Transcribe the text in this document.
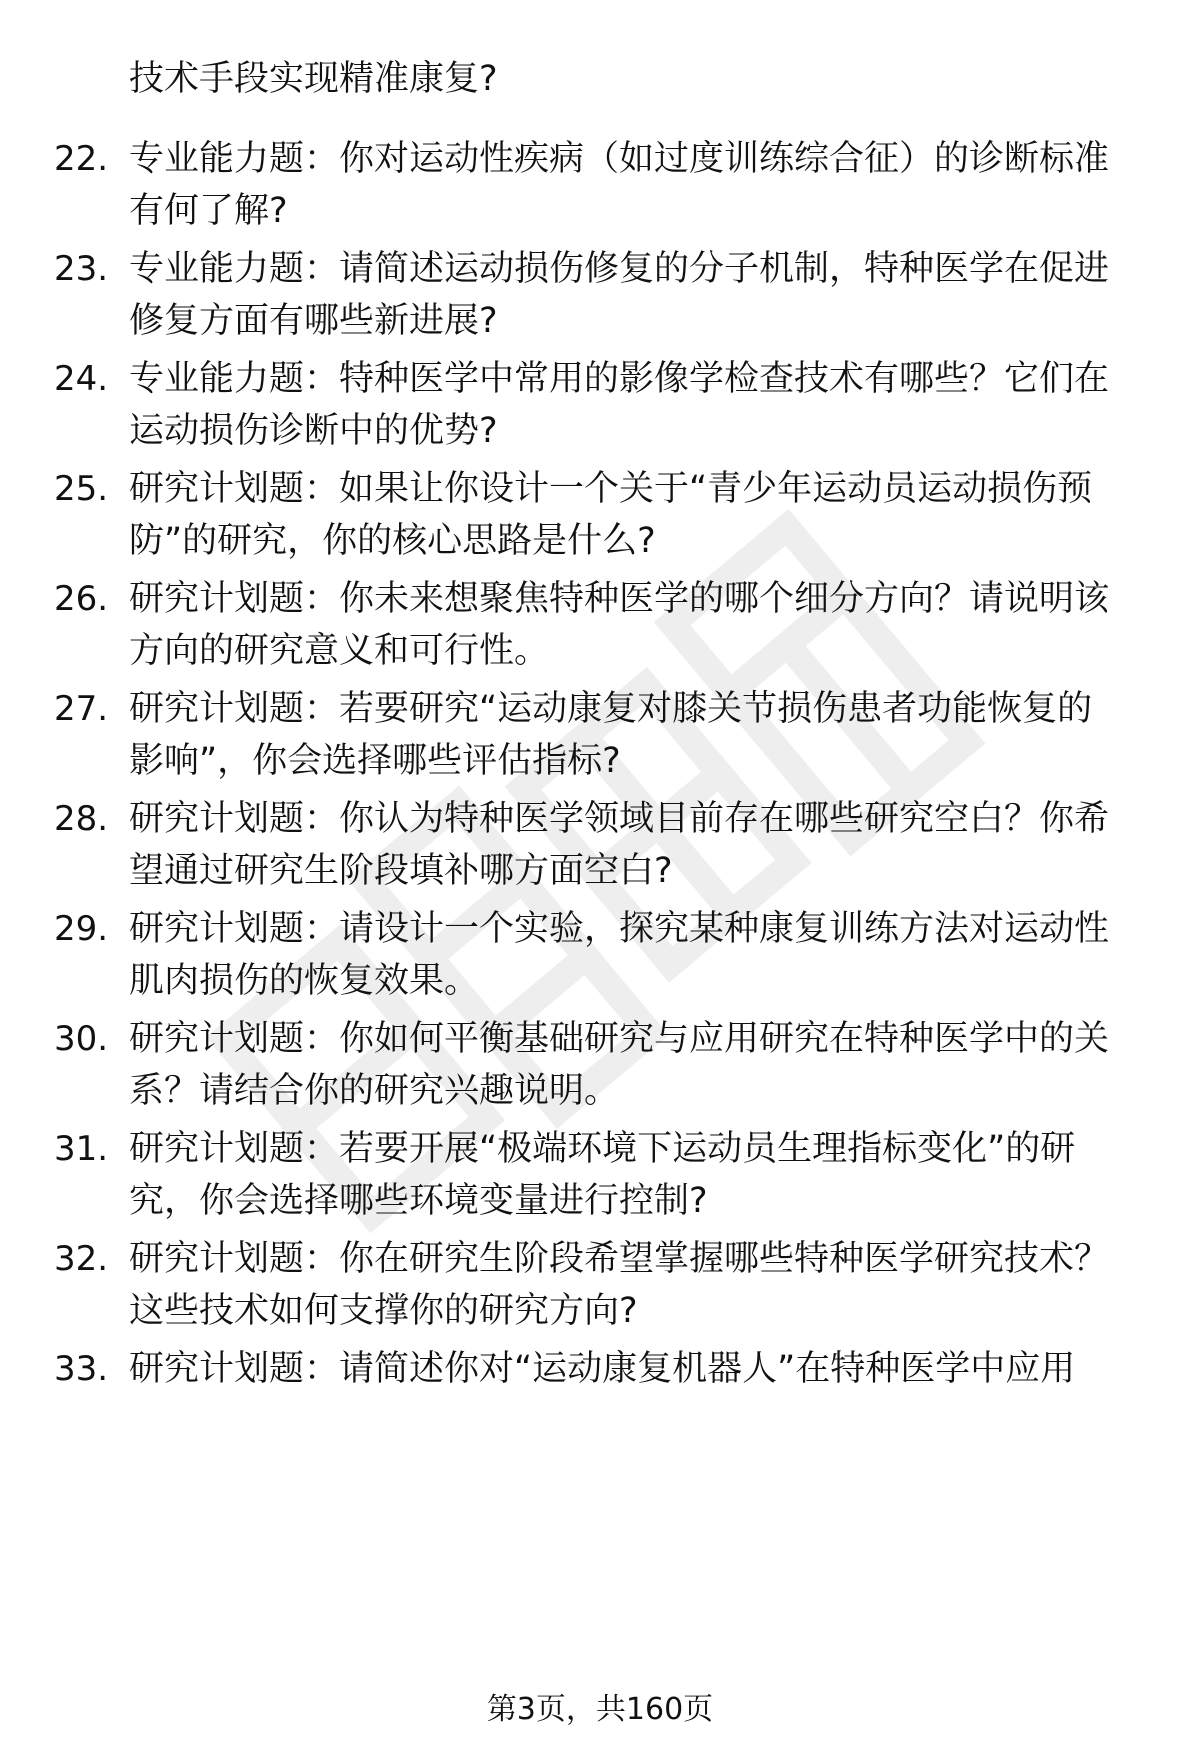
技术手段实现精准康复?

22. 专业能力题：你对运动性疾病（如过度训练综合征）的诊断标准
有何了解?

23. 专业能力题：请简述运动损伤修复的分子机制，特种医学在促进
修复方面有哪些新进展?

24. 专业能力题：特种医学中常用的影像学检查技术有哪些？它们在
运动损伤诊断中的优势?

25. 研究计划题：如果让你设计一个关于“青少年运动员运动损伤预
防”的研究，你的核心思路是什么?

26. 研究计划题：你未来想聚焦特种医学的哪个细分方向？请说明该
方向的研究意义和可行性。

27. 研究计划题：若要研究“运动康复对膝关节损伤患者功能恢复的
影响”，你会选择哪些评估指标?

28. 研究计划题：你认为特种医学领域目前存在哪些研究空白？你希
望通过研究生阶段填补哪方面空白?

29. 研究计划题：请设计一个实验，探究某种康复训练方法对运动性
肌肉损伤的恢复效果。

30. 研究计划题：你如何平衡基础研究与应用研究在特种医学中的关
系？请结合你的研究兴趣说明。

31. 研究计划题：若要开展“极端环境下运动员生理指标变化”的研
究，你会选择哪些环境变量进行控制?

32. 研究计划题：你在研究生阶段希望掌握哪些特种医学研究技术？
这些技术如何支撑你的研究方向?

33. 研究计划题：请简述你对“运动康复机器人”在特种医学中应用

第3页，共160页
